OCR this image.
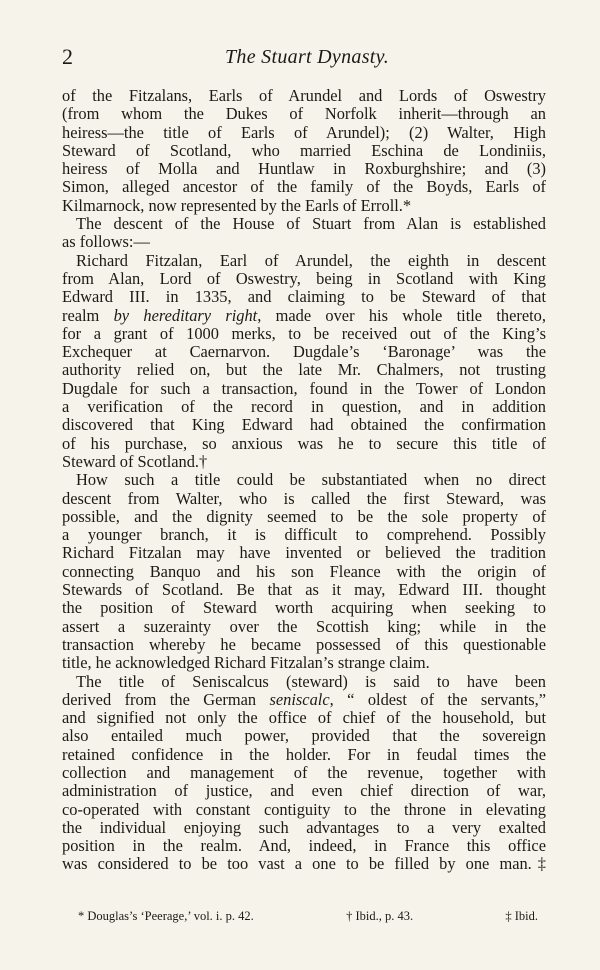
2	The Stuart Dynasty.
of the Fitzalans, Earls of Arundel and Lords of Oswestry
(from whom the Dukes of Norfolk inherit—through an
heiress—the title of Earls of Arundel); (2) Walter, High
Steward of Scotland, who married Eschina de Londiniis,
heiress of Molla and Huntlaw in Roxburghshire; and (3)
Simon, alleged ancestor of the family of the Boyds, Earls of
Kilmarnock, now represented by the Earls of Erroll.*
The descent of the House of Stuart from Alan is established
as follows:—
Richard Fitzalan, Earl of Arundel, the eighth in descent
from Alan, Lord of Oswestry, being in Scotland with King
Edward III. in 1335, and claiming to be Steward of that
realm by hereditary right, made over his whole title thereto,
for a grant of 1000 merks, to be received out of the King’s
Exchequer at Caernarvon. Dugdale’s ‘Baronage’ was the
authority relied on, but the late Mr. Chalmers, not trusting
Dugdale for such a transaction, found in the Tower of London
a verification of the record in question, and in addition
discovered that King Edward had obtained the confirmation
of his purchase, so anxious was he to secure this title of
Steward of Scotland.†
How such a title could be substantiated when no direct
descent from Walter, who is called the first Steward, was
possible, and the dignity seemed to be the sole property of
a younger branch, it is difficult to comprehend. Possibly
Richard Fitzalan may have invented or believed the tradition
connecting Banquo and his son Fleance with the origin of
Stewards of Scotland. Be that as it may, Edward III. thought
the position of Steward worth acquiring when seeking to
assert a suzerainty over the Scottish king; while in the
transaction whereby he became possessed of this questionable
title, he acknowledged Richard Fitzalan’s strange claim.
The title of Seniscalcus (steward) is said to have been
derived from the German seniscalc, “ oldest of the servants,”
and signified not only the office of chief of the household, but
also entailed much power, provided that the sovereign
retained confidence in the holder. For in feudal times the
collection and management of the revenue, together with
administration of justice, and even chief direction of war,
co-operated with constant contiguity to the throne in elevating
the individual enjoying such advantages to a very exalted
position in the realm. And, indeed, in France this office
was considered to be too vast a one to be filled by one man.‡
* Douglas’s ‘Peerage,’ vol. i. p. 42.	† Ibid., p. 43.	‡ Ibid.
